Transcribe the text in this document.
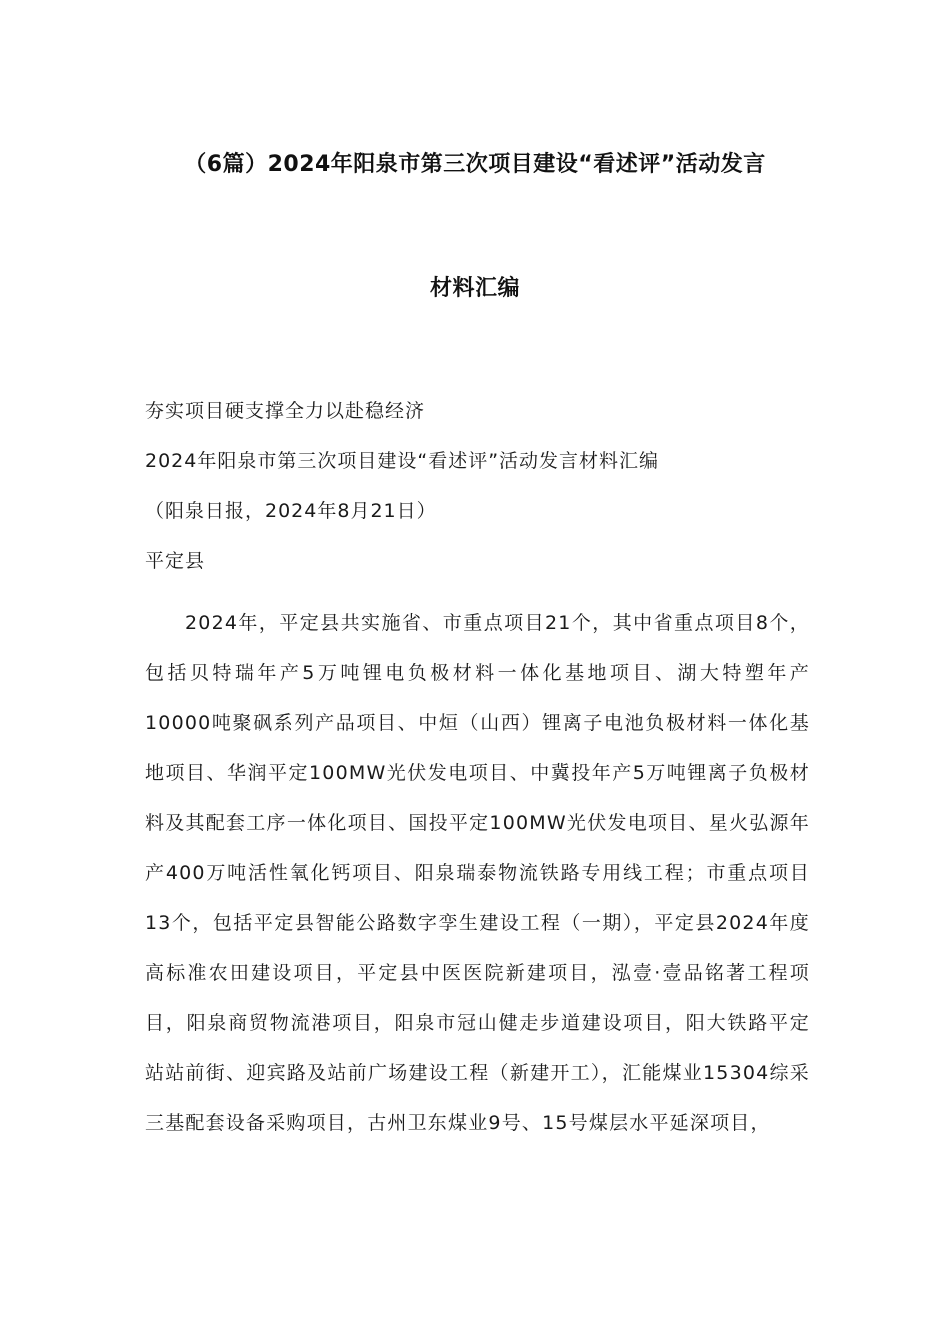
（6篇）2024年阳泉市第三次项目建设“看述评”活动发言
材料汇编
夯实项目硬支撑全力以赴稳经济
2024年阳泉市第三次项目建设“看述评”活动发言材料汇编
（阳泉日报，2024年8月21日）
平定县

2024年，平定县共实施省、市重点项目21个，其中省重点项目8个，包括贝特瑞年产5万吨锂电负极材料一体化基地项目、湖大特塑年产10000吨聚砜系列产品项目、中烜（山西）锂离子电池负极材料一体化基地项目、华润平定100MW光伏发电项目、中冀投年产5万吨锂离子负极材料及其配套工序一体化项目、国投平定100MW光伏发电项目、星火弘源年产400万吨活性氧化钙项目、阳泉瑞泰物流铁路专用线工程；市重点项目13个，包括平定县智能公路数字孪生建设工程（一期），平定县2024年度高标准农田建设项目，平定县中医医院新建项目，泓壹·壹品铭著工程项目，阳泉商贸物流港项目，阳泉市冠山健走步道建设项目，阳大铁路平定站站前街、迎宾路及站前广场建设工程（新建开工），汇能煤业15304综采三基配套设备采购项目，古州卫东煤业9号、15号煤层水平延深项目，
